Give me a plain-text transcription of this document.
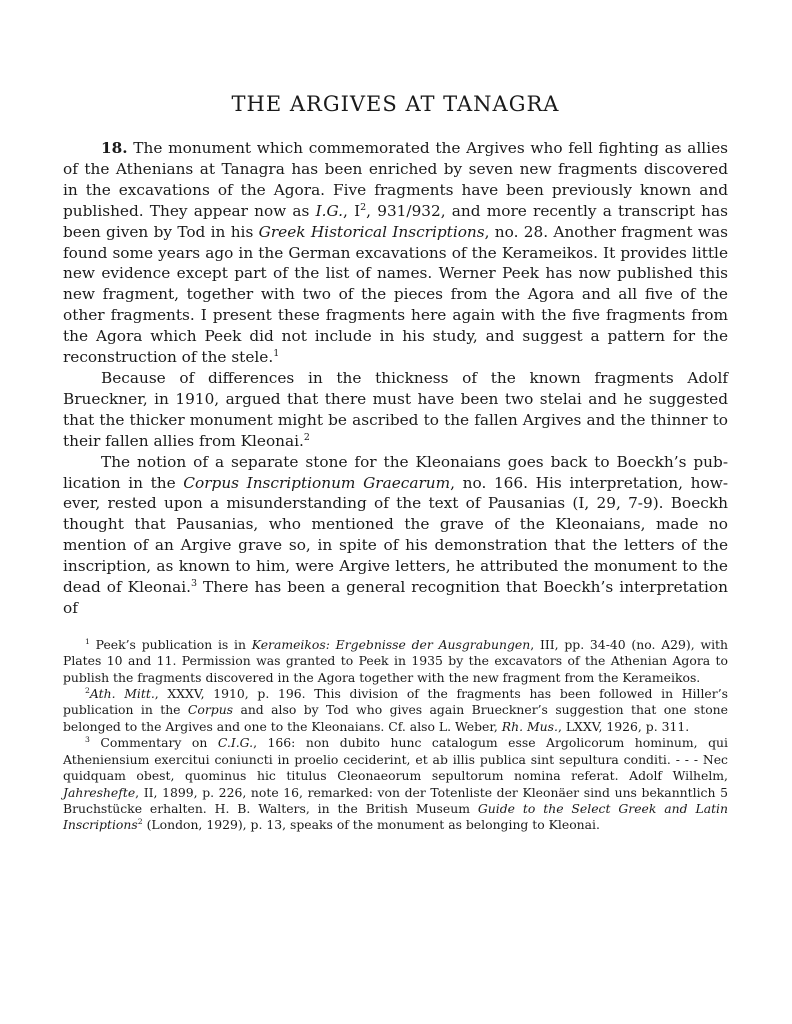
THE ARGIVES AT TANAGRA

18. The monument which commemorated the Argives who fell fighting as allies of the Athenians at Tanagra has been enriched by seven new fragments discovered in the excavations of the Agora. Five fragments have been previously known and published. They appear now as I.G., $I^2$, 931/932, and more recently a transcript has been given by Tod in his Greek Historical Inscriptions, no. 28. Another fragment was found some years ago in the German excavations of the Kerameikos. It provides little new evidence except part of the list of names. Werner Peek has now published this new fragment, together with two of the pieces from the Agora and all five of the other fragments. I present these fragments here again with the five fragments from the Agora which Peek did not include in his study, and suggest a pattern for the reconstruction of the stele.$^1$

Because of differences in the thickness of the known fragments Adolf Brueckner, in 1910, argued that there must have been two stelai and he suggested that the thicker monument might be ascribed to the fallen Argives and the thinner to their fallen allies from Kleonai.$^2$

The notion of a separate stone for the Kleonaians goes back to Boeckh’s publication in the Corpus Inscriptionum Graecarum, no. 166. His interpretation, however, rested upon a misunderstanding of the text of Pausanias (I, 29, 7-9). Boeckh thought that Pausanias, who mentioned the grave of the Kleonaians, made no mention of an Argive grave so, in spite of his demonstration that the letters of the inscription, as known to him, were Argive letters, he attributed the monument to the dead of Kleonai.$^3$ There has been a general recognition that Boeckh’s interpretation of

$^1$ Peek’s publication is in Kerameikos: Ergebnisse der Ausgrabungen, III, pp. 34-40 (no. A29), with Plates 10 and 11. Permission was granted to Peek in 1935 by the excavators of the Athenian Agora to publish the fragments discovered in the Agora together with the new fragment from the Kerameikos.

$^2$Ath. Mitt., XXXV, 1910, p. 196. This division of the fragments has been followed in Hiller’s publication in the Corpus and also by Tod who gives again Brueckner’s suggestion that one stone belonged to the Argives and one to the Kleonaians. Cf. also L. Weber, Rh. Mus., LXXV, 1926, p. 311.

$^3$ Commentary on C.I.G., 166: non dubito hunc catalogum esse Argolicorum hominum, qui Atheniensium exercitui coniuncti in proelio ceciderint, et ab illis publica sint sepultura conditi. - - - Nec quidquam obest, quominus hic titulus Cleonaeorum sepultorum nomina referat. Adolf Wilhelm, Jahreshefte, II, 1899, p. 226, note 16, remarked: von der Totenliste der Kleonäer sind uns bekanntlich 5 Bruchstücke erhalten. H. B. Walters, in the British Museum Guide to the Select Greek and Latin Inscriptions$^2$ (London, 1929), p. 13, speaks of the monument as belonging to Kleonai.
